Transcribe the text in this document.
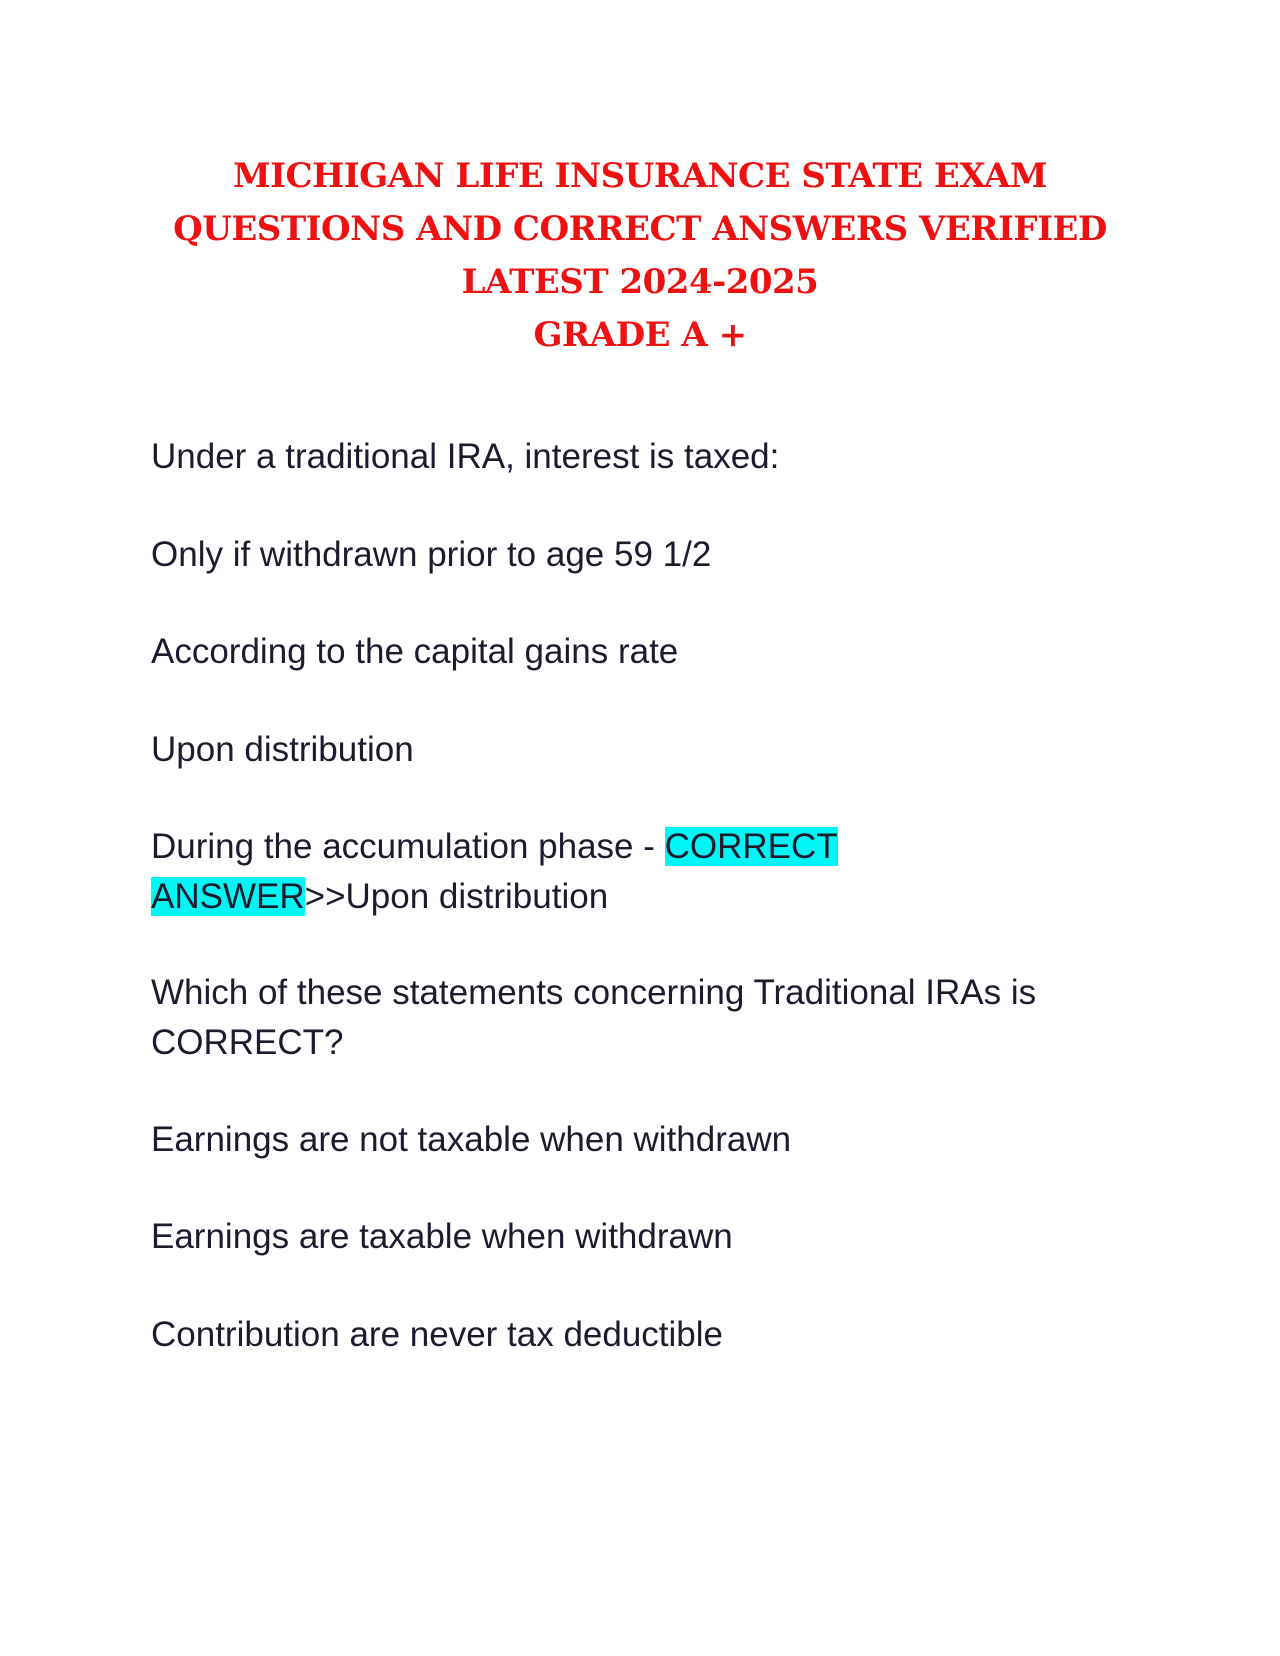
MICHIGAN LIFE INSURANCE STATE EXAM
QUESTIONS AND CORRECT ANSWERS VERIFIED
LATEST 2024-2025
GRADE A +

Under a traditional IRA, interest is taxed:

Only if withdrawn prior to age 59 1/2

According to the capital gains rate

Upon distribution

During the accumulation phase - CORRECT
ANSWER>>Upon distribution

Which of these statements concerning Traditional IRAs is CORRECT?

Earnings are not taxable when withdrawn

Earnings are taxable when withdrawn

Contribution are never tax deductible
